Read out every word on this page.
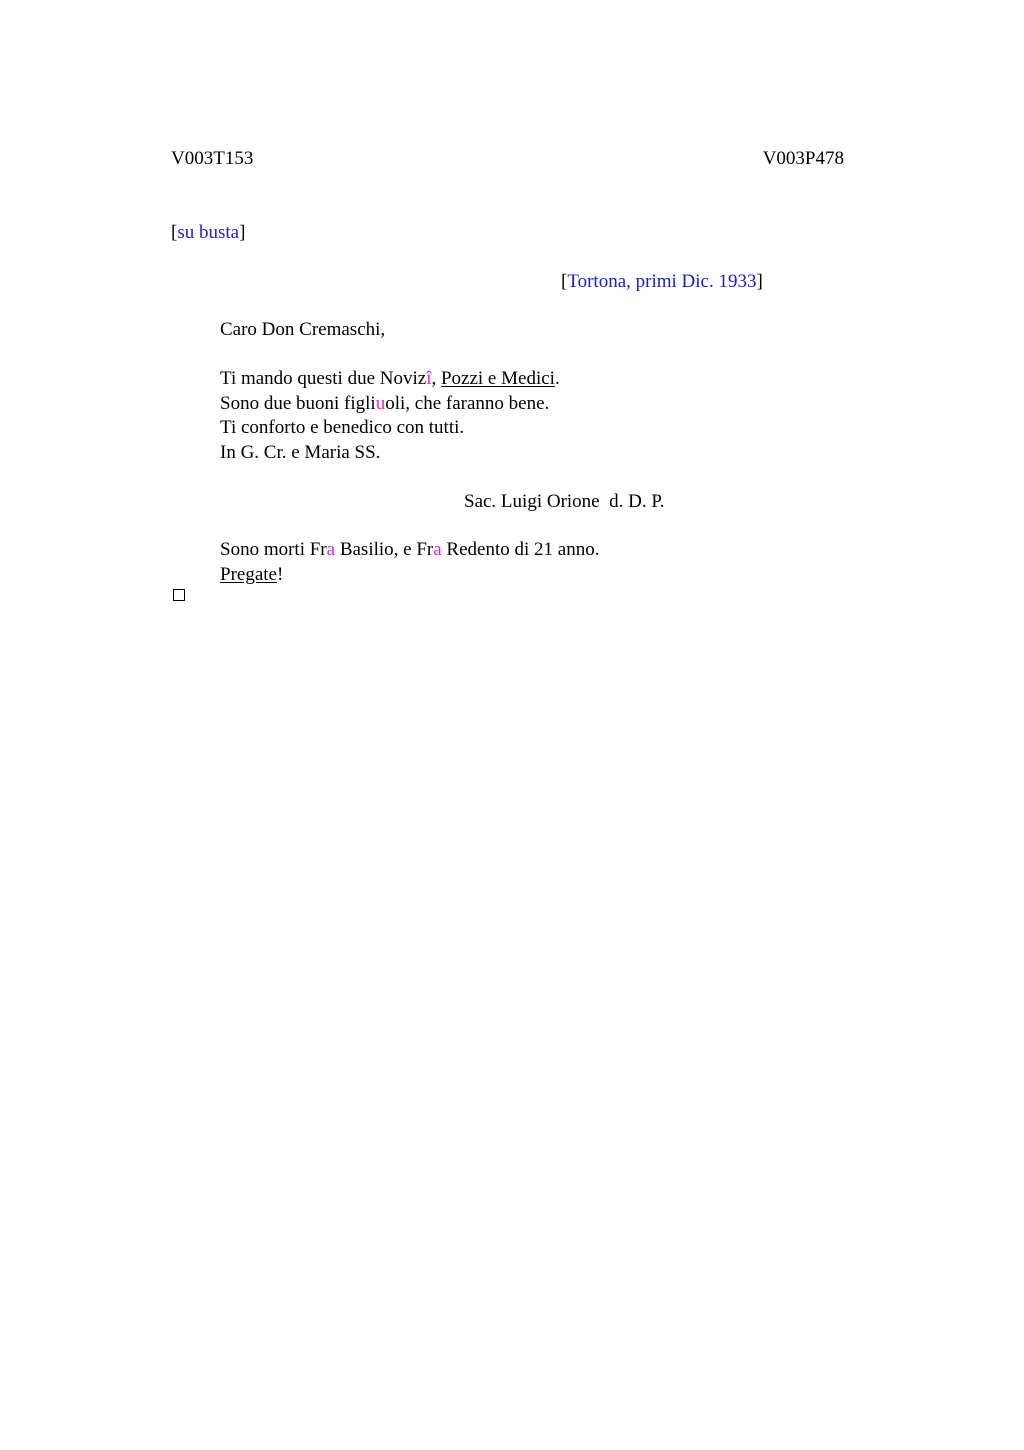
V003T153	V003P478
[su busta]
[Tortona, primi Dic. 1933]
Caro Don Cremaschi,
Ti mando questi due Novizî, Pozzi e Medici.
Sono due buoni figliuoli, che faranno bene.
Ti conforto e benedico con tutti.
In G. Cr. e Maria SS.
Sac. Luigi Orione  d. D. P.
Sono morti Fra Basilio, e Fra Redento di 21 anno.
Pregate!
